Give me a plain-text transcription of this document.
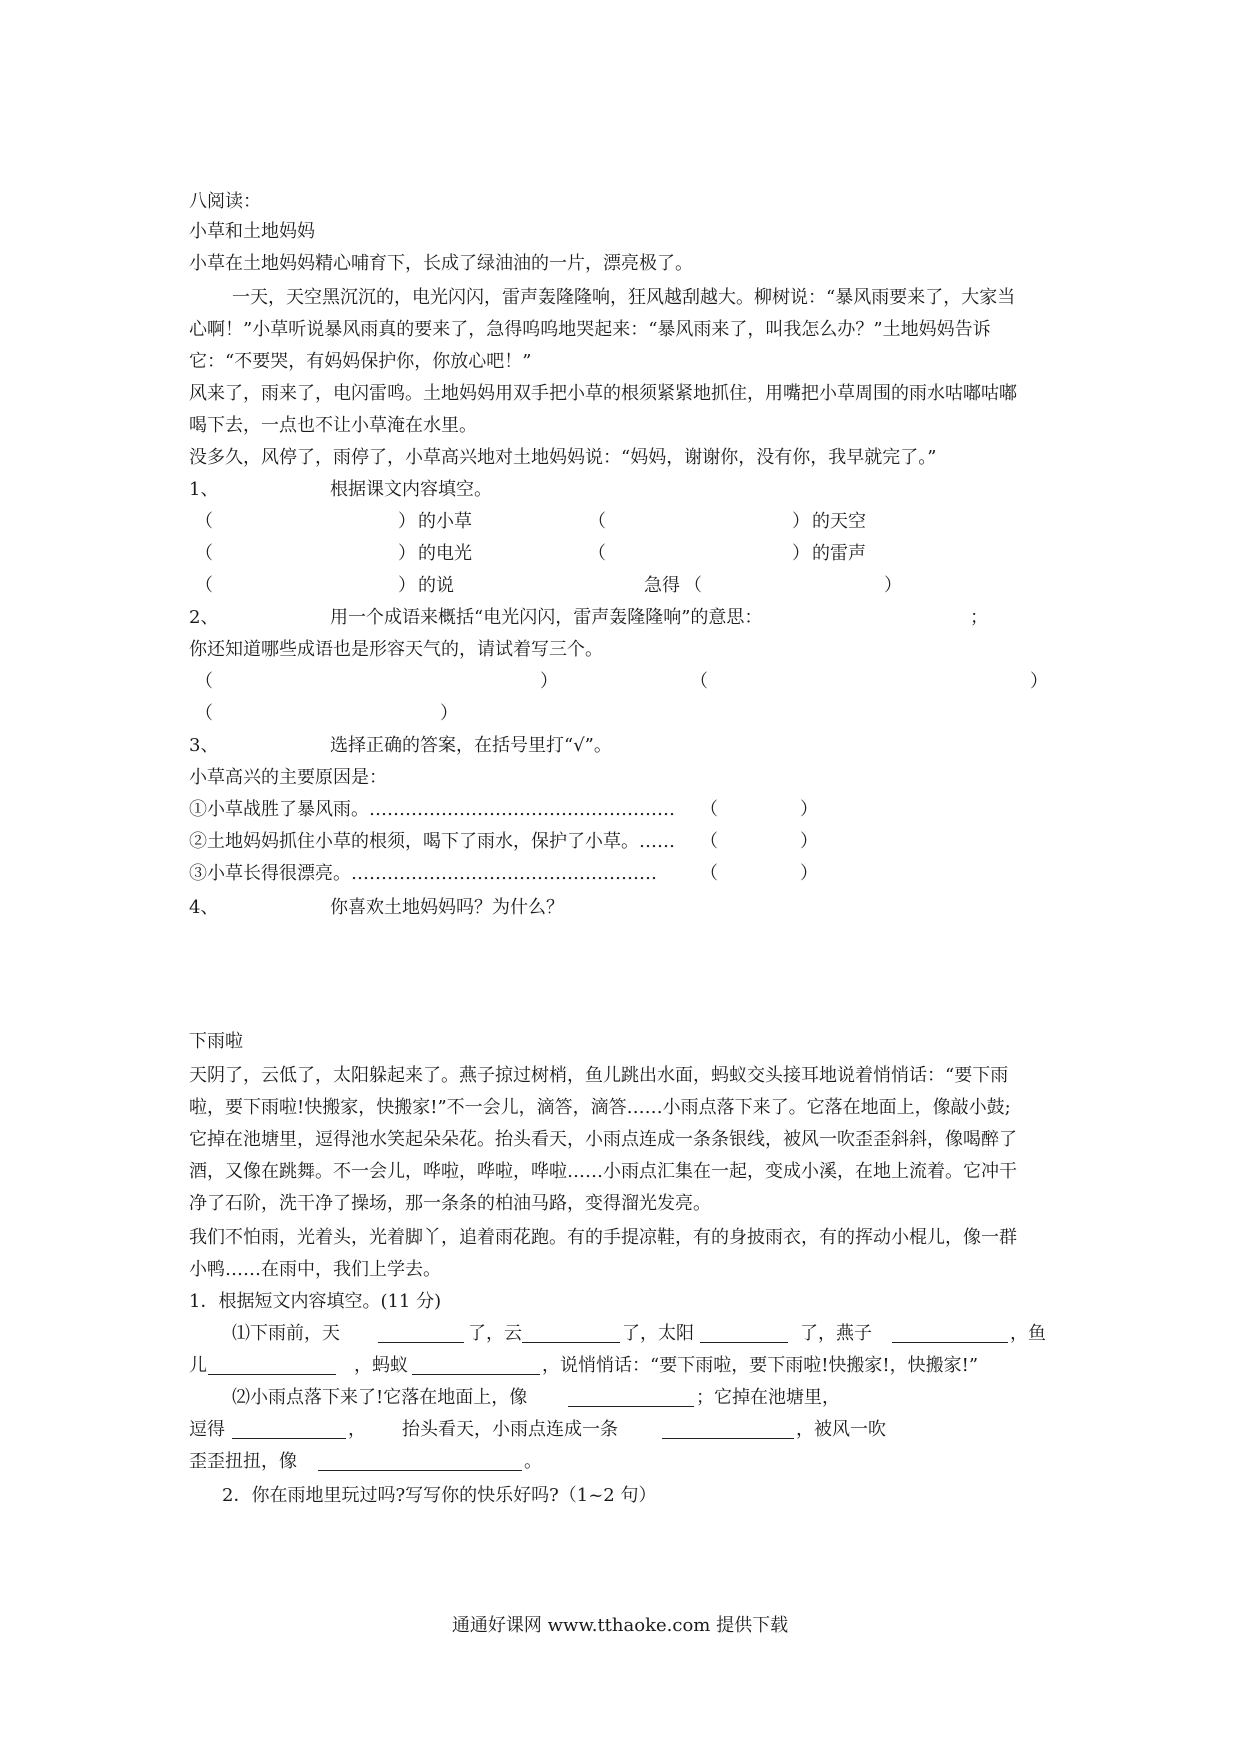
八阅读：
小草和土地妈妈
小草在土地妈妈精心哺育下，长成了绿油油的一片，漂亮极了。
一天，天空黑沉沉的，电光闪闪，雷声轰隆隆响，狂风越刮越大。柳树说：“暴风雨要来了，大家当
心啊！”小草听说暴风雨真的要来了，急得呜呜地哭起来：“暴风雨来了，叫我怎么办？”土地妈妈告诉
它：“不要哭，有妈妈保护你，你放心吧！”
风来了，雨来了，电闪雷鸣。土地妈妈用双手把小草的根须紧紧地抓住，用嘴把小草周围的雨水咕嘟咕嘟
喝下去，一点也不让小草淹在水里。
没多久，风停了，雨停了，小草高兴地对土地妈妈说：“妈妈，谢谢你，没有你，我早就完了。”
1、	根据课文内容填空。
（	） 的小草	（	） 的天空
（	） 的电光	（	） 的雷声
（	） 的说	急得 （	）
2、	用一个成语来概括“电光闪闪，雷声轰隆隆响”的意思：	；
你还知道哪些成语也是形容天气的，请试着写三个。
（	）	（	）
（	）
3、	选择正确的答案，在括号里打“√”。
小草高兴的主要原因是：
①小草战胜了暴风雨。…………………………………………… （	）
②土地妈妈抓住小草的根须，喝下了雨水，保护了小草。…… （	）
③小草长得很漂亮。…………………………………………… （	）
4、	你喜欢土地妈妈吗？为什么？
下雨啦
天阴了，云低了，太阳躲起来了。燕子掠过树梢，鱼儿跳出水面，蚂蚁交头接耳地说着悄悄话：“要下雨
啦，要下雨啦!快搬家，快搬家!”不一会儿，滴答，滴答……小雨点落下来了。它落在地面上，像敲小鼓;
它掉在池塘里，逗得池水笑起朵朵花。抬头看天，小雨点连成一条条银线，被风一吹歪歪斜斜，像喝醉了
酒，又像在跳舞。不一会儿，哗啦，哗啦，哗啦……小雨点汇集在一起，变成小溪，在地上流着。它冲干
净了石阶，洗干净了操场，那一条条的柏油马路，变得溜光发亮。
我们不怕雨，光着头，光着脚丫，追着雨花跑。有的手提凉鞋，有的身披雨衣，有的挥动小棍儿，像一群
小鸭……在雨中，我们上学去。
1．根据短文内容填空。(11 分)
⑴下雨前，天	了，云	了，太阳	了，燕子	，鱼
儿	，蚂蚁	，说悄悄话：“要下雨啦，要下雨啦!快搬家!，快搬家!”
⑵小雨点落下来了!它落在地面上，像	；它掉在池塘里，
逗得	， 抬头看天，小雨点连成一条	，被风一吹
歪歪扭扭，像	。
2．你在雨地里玩过吗?写写你的快乐好吗?（1~2 句）
通通好课网 www.tthaoke.com 提供下载
